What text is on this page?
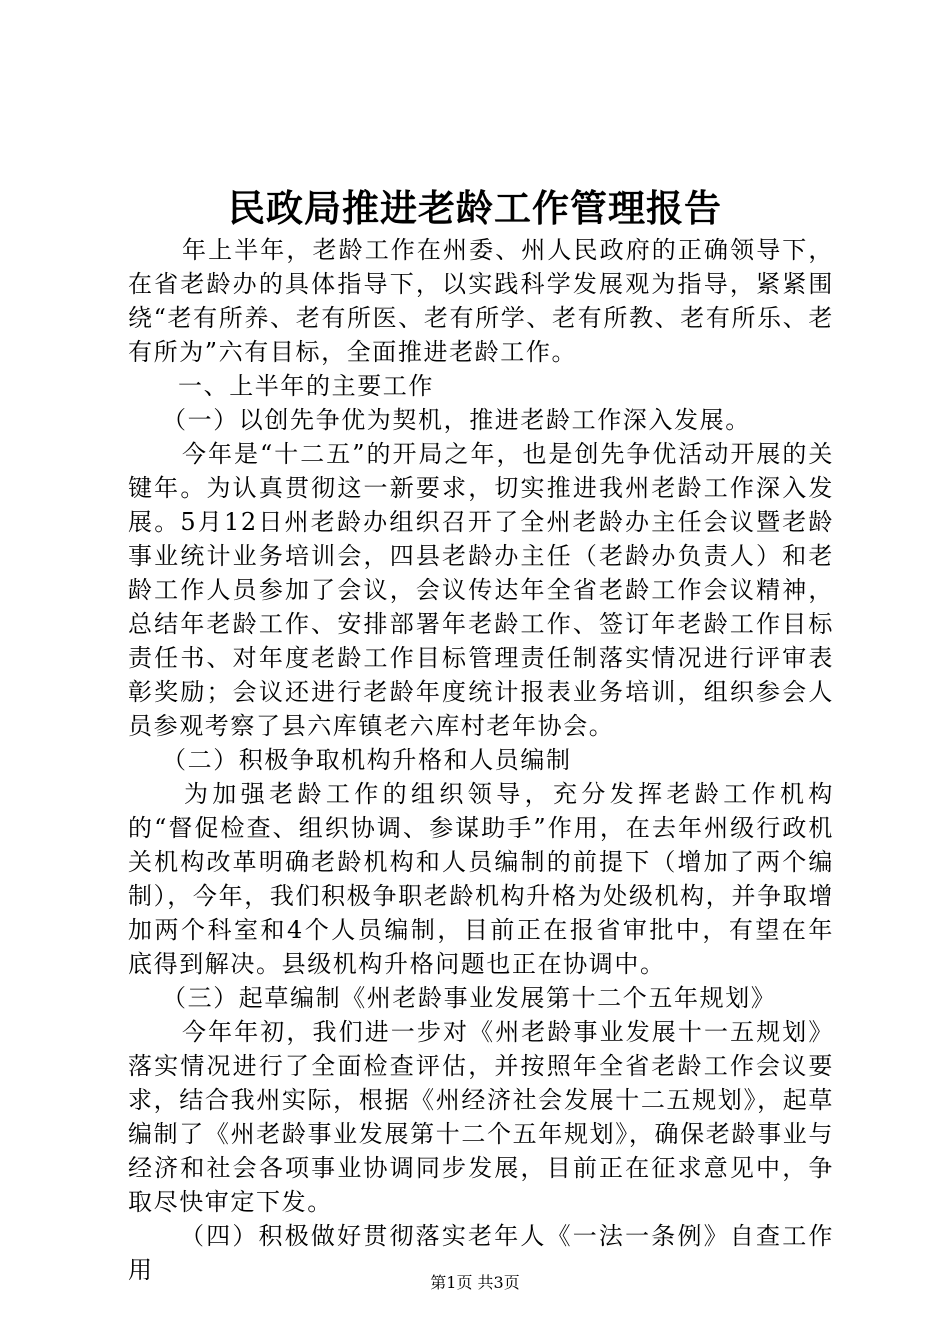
民政局推进老龄工作管理报告

年上半年，老龄工作在州委、州人民政府的正确领导下，在省老龄办的具体指导下，以实践科学发展观为指导，紧紧围绕“老有所养、老有所医、老有所学、老有所教、老有所乐、老有所为”六有目标，全面推进老龄工作。

一、上半年的主要工作

（一）以创先争优为契机，推进老龄工作深入发展。

今年是“十二五”的开局之年，也是创先争优活动开展的关键年。为认真贯彻这一新要求，切实推进我州老龄工作深入发展。5月12日州老龄办组织召开了全州老龄办主任会议暨老龄事业统计业务培训会，四县老龄办主任（老龄办负责人）和老龄工作人员参加了会议，会议传达年全省老龄工作会议精神，总结年老龄工作、安排部署年老龄工作、签订年老龄工作目标责任书、对年度老龄工作目标管理责任制落实情况进行评审表彰奖励；会议还进行老龄年度统计报表业务培训，组织参会人员参观考察了县六库镇老六库村老年协会。

（二）积极争取机构升格和人员编制

为加强老龄工作的组织领导，充分发挥老龄工作机构的“督促检查、组织协调、参谋助手”作用，在去年州级行政机关机构改革明确老龄机构和人员编制的前提下（增加了两个编制），今年，我们积极争职老龄机构升格为处级机构，并争取增加两个科室和4个人员编制，目前正在报省审批中，有望在年底得到解决。县级机构升格问题也正在协调中。

（三）起草编制《州老龄事业发展第十二个五年规划》

今年年初，我们进一步对《州老龄事业发展十一五规划》落实情况进行了全面检查评估，并按照年全省老龄工作会议要求，结合我州实际，根据《州经济社会发展十二五规划》，起草编制了《州老龄事业发展第十二个五年规划》，确保老龄事业与经济和社会各项事业协调同步发展，目前正在征求意见中，争取尽快审定下发。

（四）积极做好贯彻落实老年人《一法一条例》自查工作用	第1页 共3页
